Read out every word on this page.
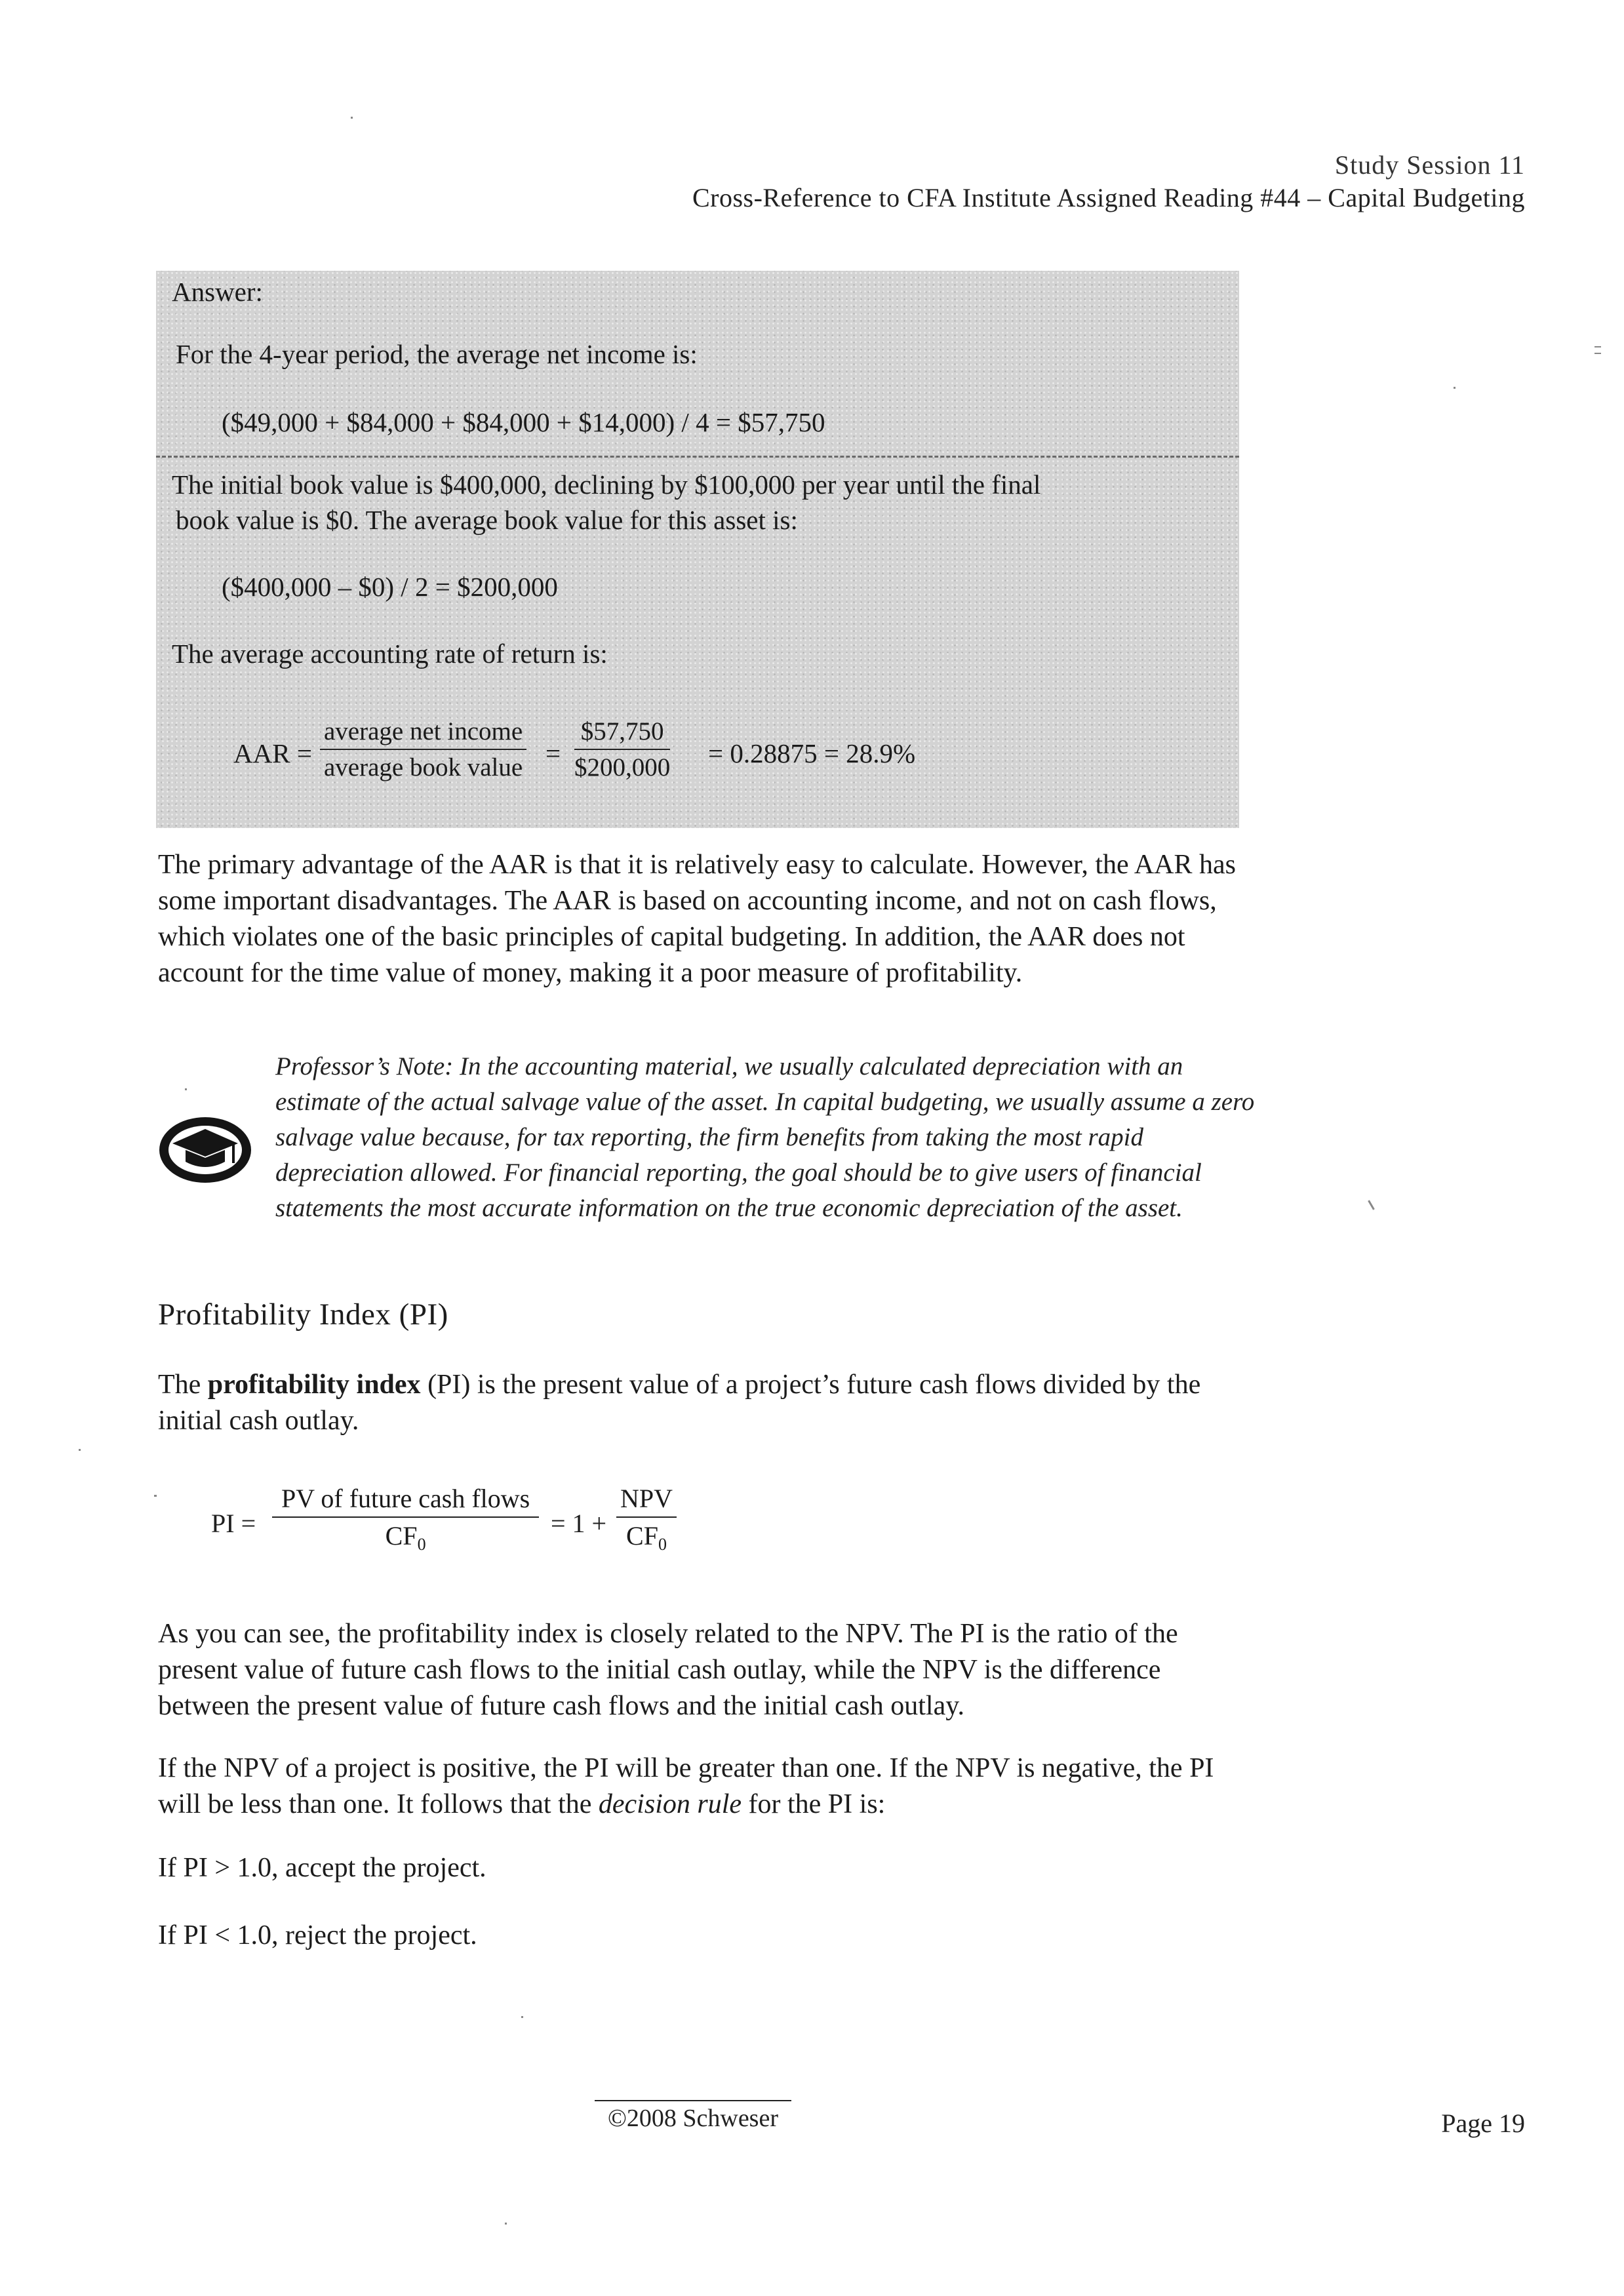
Study Session 11
Cross-Reference to CFA Institute Assigned Reading #44 – Capital Budgeting
Answer:
For the 4-year period, the average net income is:
($49,000 + $84,000 + $84,000 + $14,000) / 4 = $57,750
The initial book value is $400,000, declining by $100,000 per year until the final
book value is $0. The average book value for this asset is:
($400,000 – $0) / 2 = $200,000
The average accounting rate of return is:
AAR =
average net income
average book value = $\frac{\$57,750}{\$200,000} = 0.28875 = 28.9\%$
The primary advantage of the AAR is that it is relatively easy to calculate. However, the AAR has some important disadvantages. The AAR is based on accounting income, and not on cash flows, which violates one of the basic principles of capital budgeting. In addition, the AAR does not account for the time value of money, making it a poor measure of profitability.
Professor’s Note: In the accounting material, we usually calculated depreciation with an estimate of the actual salvage value of the asset. In capital budgeting, we usually assume a zero salvage value because, for tax reporting, the firm benefits from taking the most rapid depreciation allowed. For financial reporting, the goal should be to give users of financial statements the most accurate information on the true economic depreciation of the asset.
Profitability Index (PI)
The profitability index (PI) is the present value of a project’s future cash flows divided by the initial cash outlay.
PI =
PV of future cash flows
$CF_0$
= 1 +
NPV
$CF_0$
As you can see, the profitability index is closely related to the NPV. The PI is the ratio of the present value of future cash flows to the initial cash outlay, while the NPV is the difference between the present value of future cash flows and the initial cash outlay.
If the NPV of a project is positive, the PI will be greater than one. If the NPV is negative, the PI will be less than one. It follows that the decision rule for the PI is:
If PI > 1.0, accept the project.
If PI < 1.0, reject the project.
©2008 Schweser	Page 19
